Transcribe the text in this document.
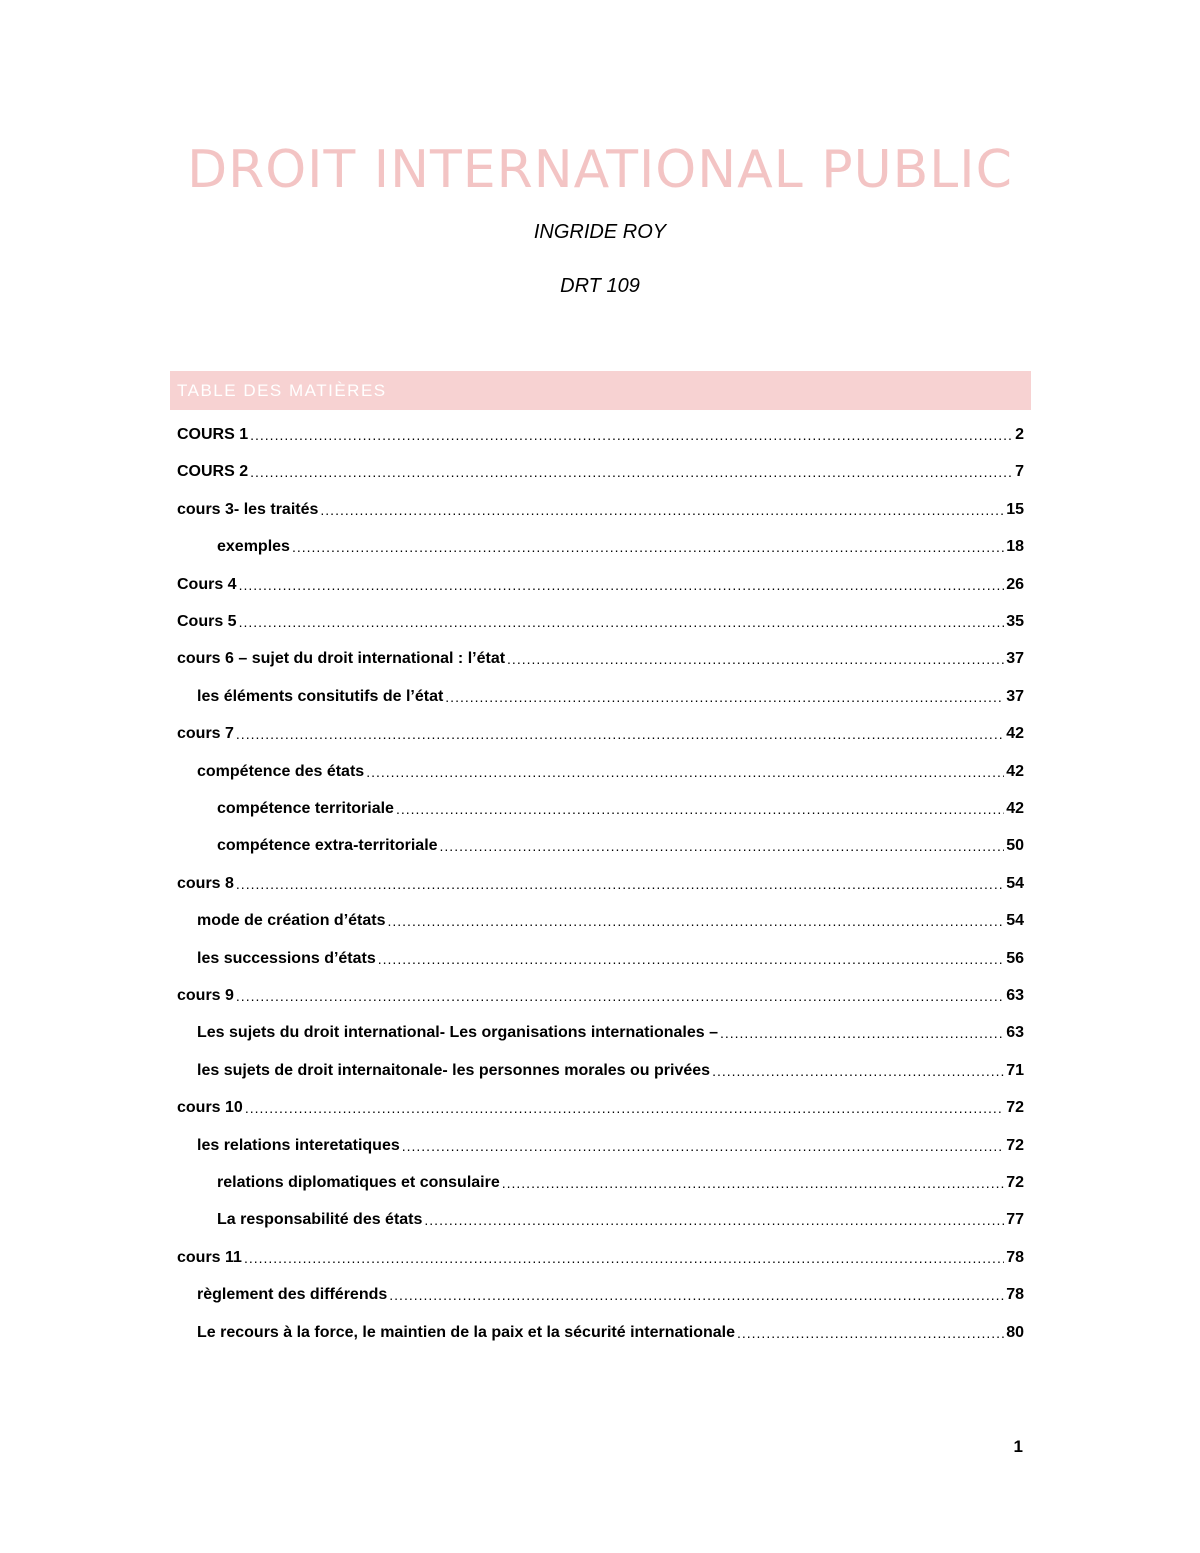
DROIT INTERNATIONAL PUBLIC
INGRIDE ROY
DRT 109
TABLE DES MATIÈRES
COURS 1 .....	2
COURS 2 .....	7
cours 3- les traités .....	15
exemples .....	18
Cours 4 .....	26
Cours 5 .....	35
cours 6 – sujet du droit international : l’état .....	37
les éléments consitutifs de l’état .....	37
cours 7 .....	42
compétence des états .....	42
compétence territoriale .....	42
compétence extra-territoriale .....	50
cours 8 .....	54
mode de création d’états .....	54
les successions d’états .....	56
cours 9 .....	63
Les sujets du droit international- Les organisations internationales – .....	63
les sujets de droit internaitonale- les personnes morales ou privées .....	71
cours 10 .....	72
les relations interetatiques .....	72
relations diplomatiques et consulaire .....	72
La responsabilité des états .....	77
cours 11 .....	78
règlement des différends .....	78
Le recours à la force, le maintien de la paix et la sécurité internationale .....	80
1
